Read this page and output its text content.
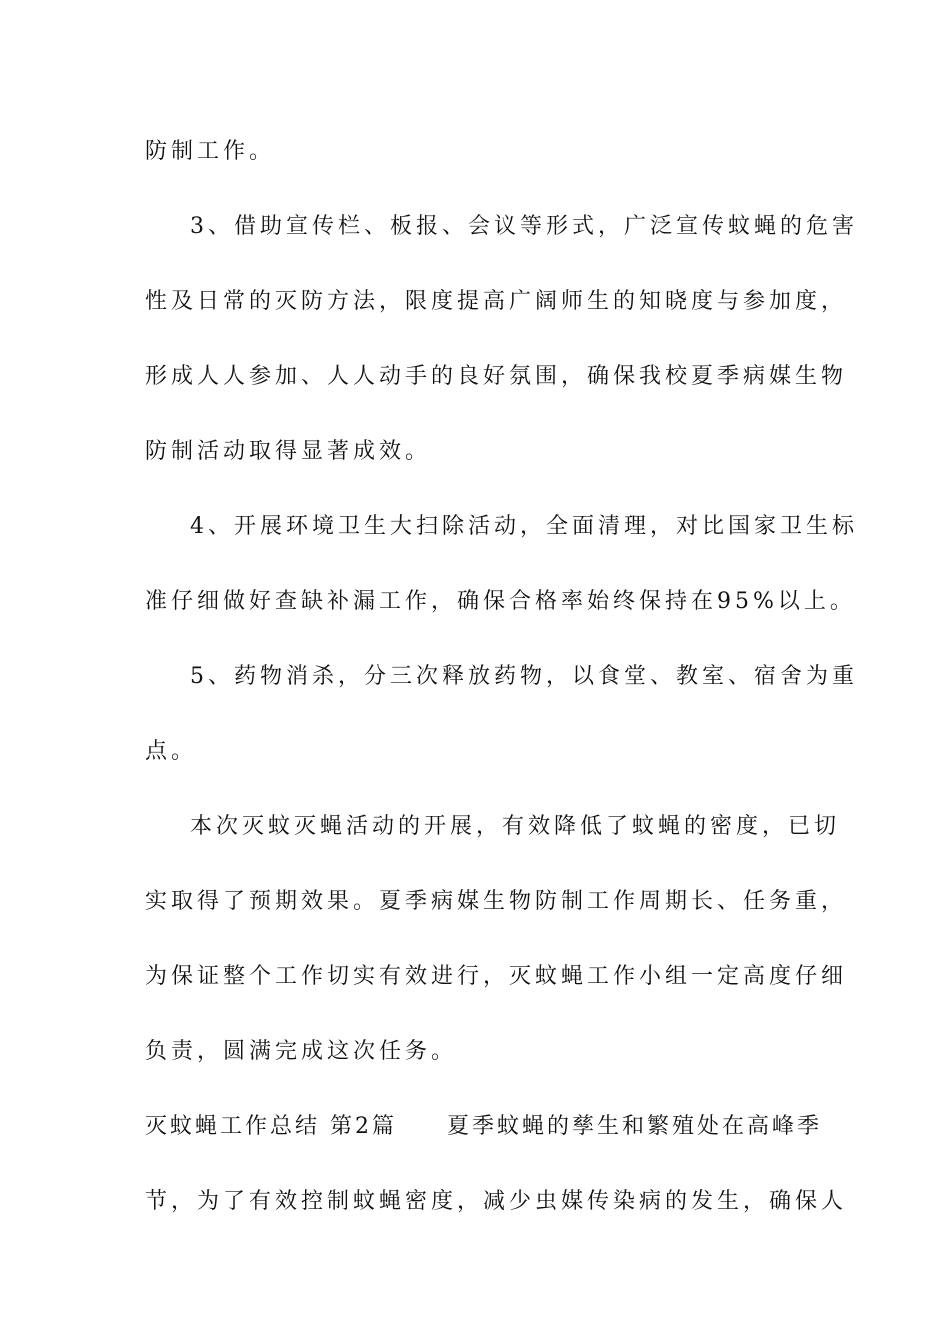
防制工作。
3、借助宣传栏、板报、会议等形式，广泛宣传蚊蝇的危害
性及日常的灭防方法，限度提高广阔师生的知晓度与参加度，
形成人人参加、人人动手的良好氛围，确保我校夏季病媒生物
防制活动取得显著成效。
4、开展环境卫生大扫除活动，全面清理，对比国家卫生标
准仔细做好查缺补漏工作，确保合格率始终保持在95%以上。
5、药物消杀，分三次释放药物，以食堂、教室、宿舍为重
点。
本次灭蚊灭蝇活动的开展，有效降低了蚊蝇的密度，已切
实取得了预期效果。夏季病媒生物防制工作周期长、任务重，
为保证整个工作切实有效进行，灭蚊蝇工作小组一定高度仔细
负责，圆满完成这次任务。
灭蚊蝇工作总结 第2篇　　夏季蚊蝇的孳生和繁殖处在高峰季
节，为了有效控制蚊蝇密度，减少虫媒传染病的发生，确保人
